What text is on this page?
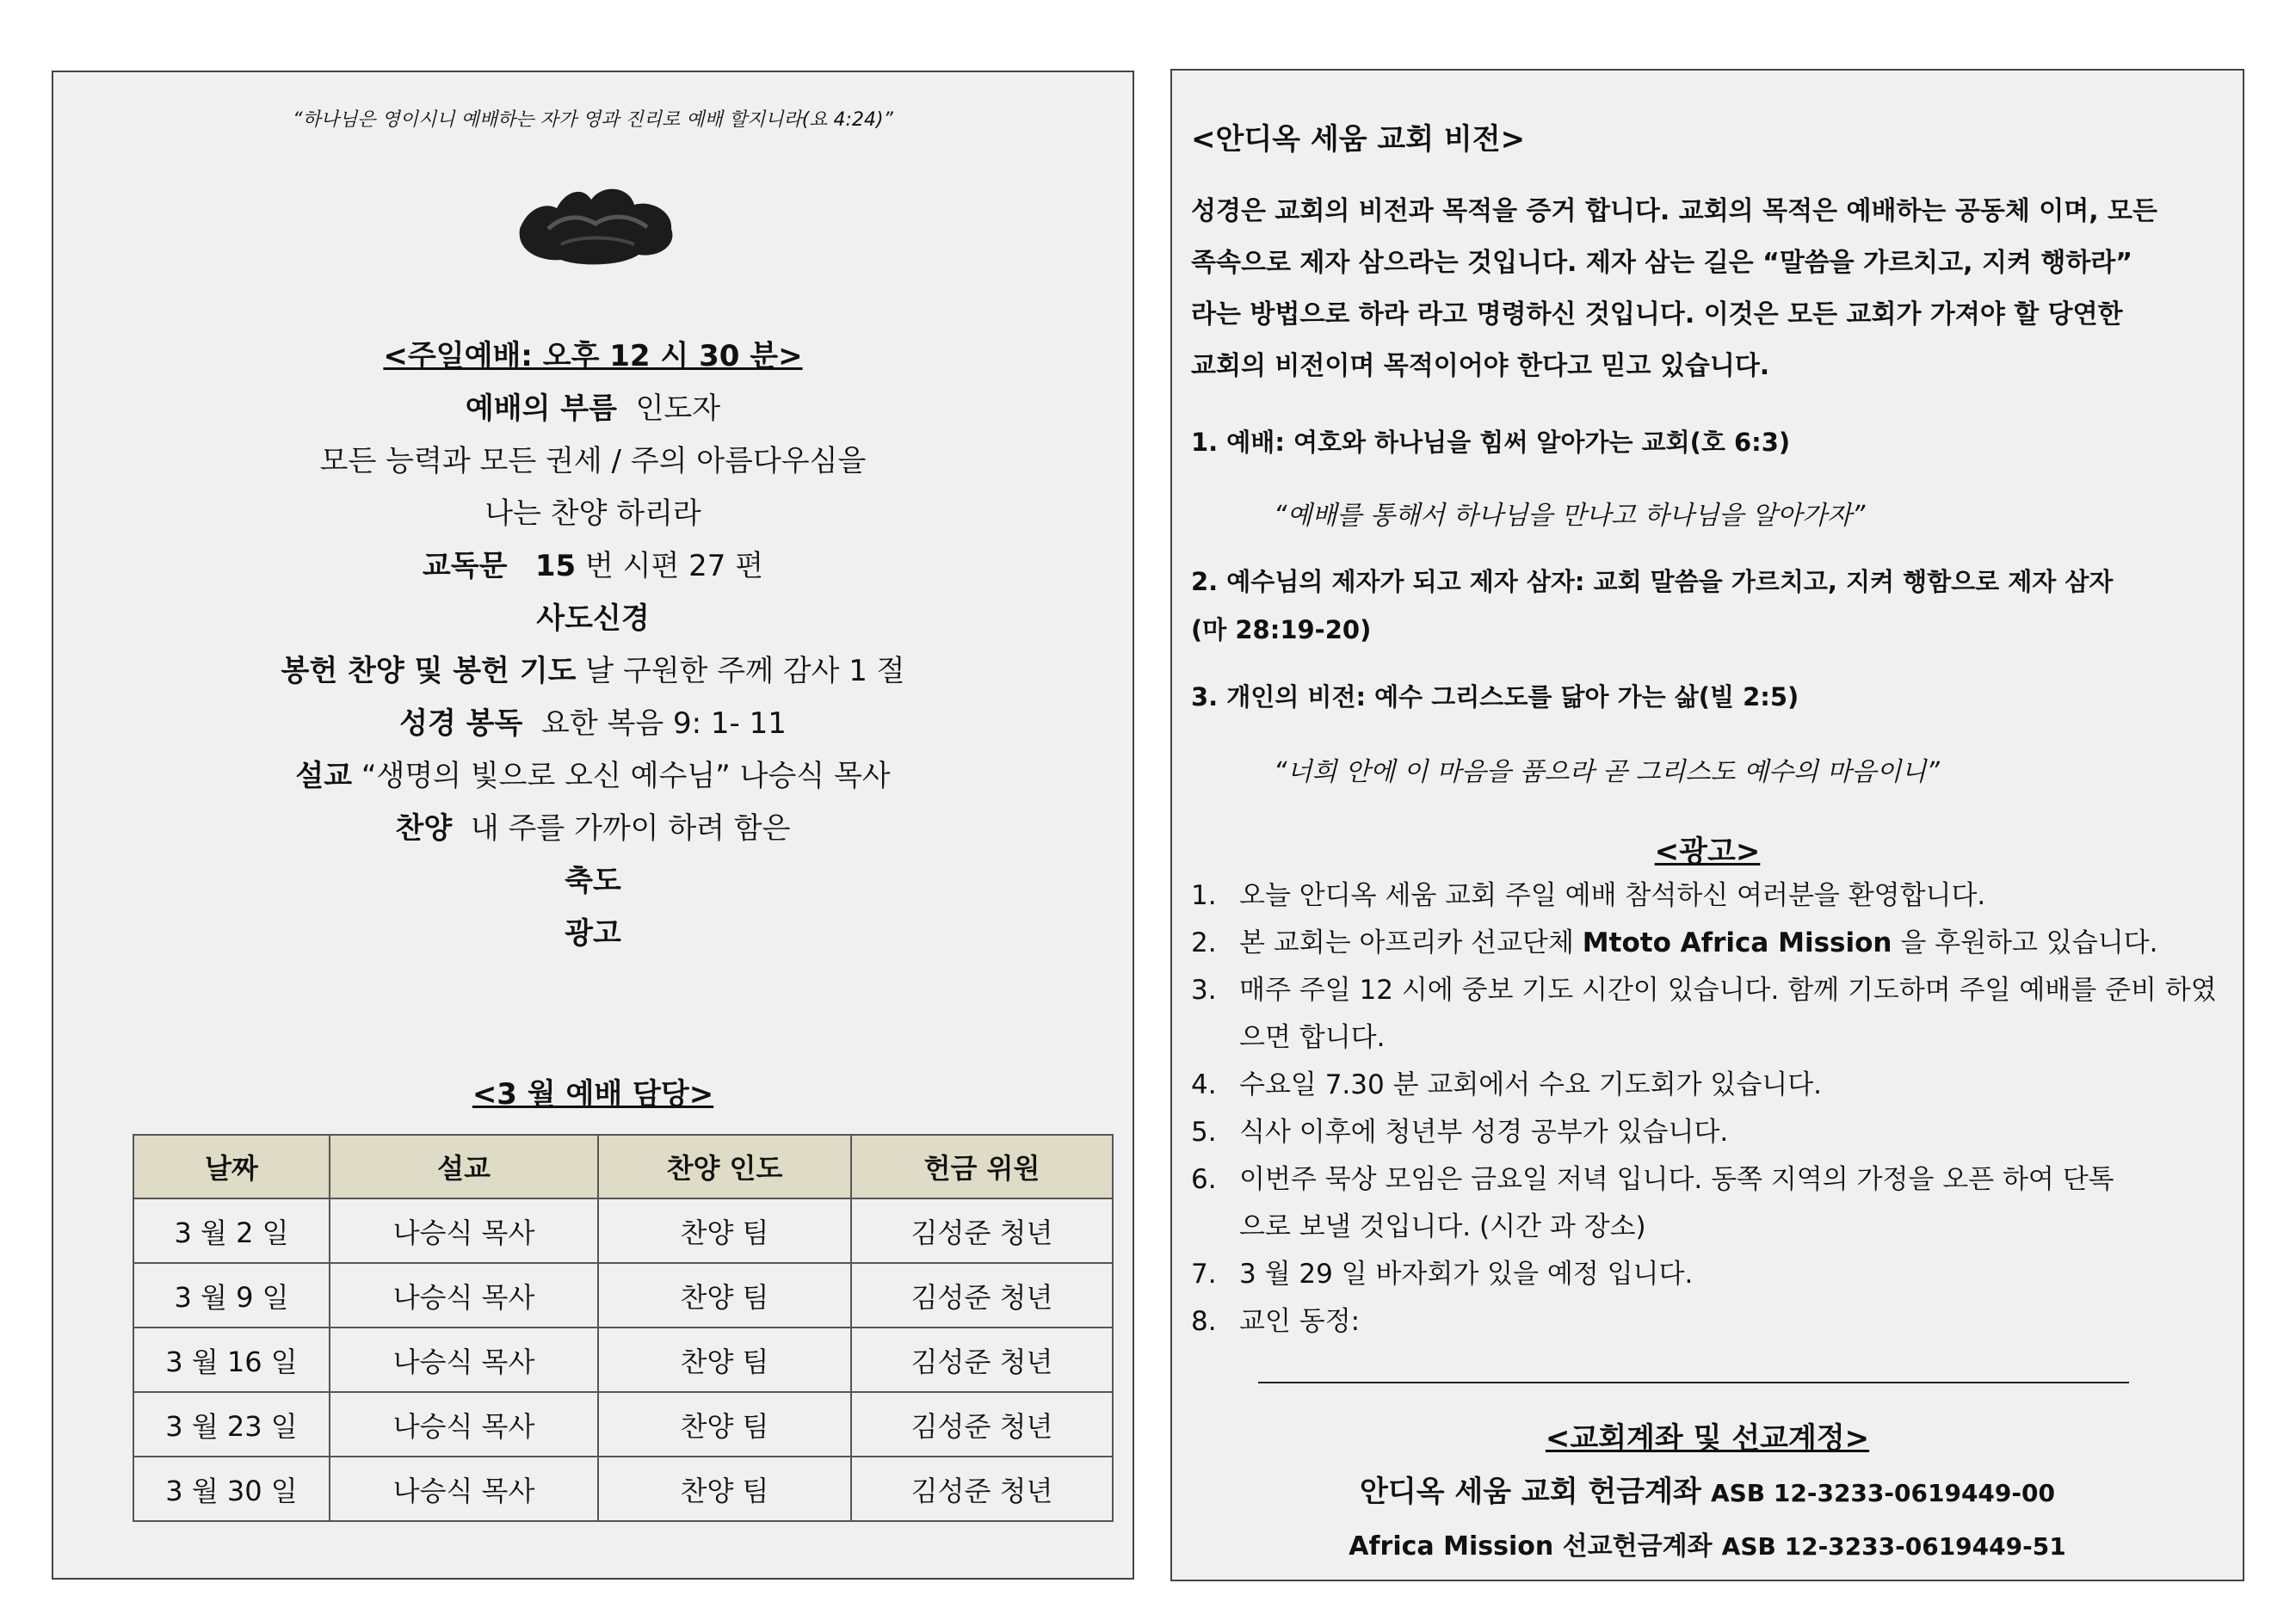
“하나님은 영이시니 예배하는 자가 영과 진리로 예배 할지니라(요 4:24)”
<주일예배: 오후 12 시 30 분>
예배의 부름 인도자
모든 능력과 모든 권세 / 주의 아름다우심을
나는 찬양 하리라
교독문 15 번 시편 27 편
사도신경
봉헌 찬양 및 봉헌 기도 날 구원한 주께 감사 1 절
성경 봉독 요한 복음 9: 1- 11
설교 “생명의 빛으로 오신 예수님” 나승식 목사
찬양 내 주를 가까이 하려 함은
축도
광고
<3 월 예배 담당>
날짜	설교	찬양 인도	헌금 위원
3 월 2 일	나승식 목사	찬양 팀	김성준 청년
3 월 9 일	나승식 목사	찬양 팀	김성준 청년
3 월 16 일	나승식 목사	찬양 팀	김성준 청년
3 월 23 일	나승식 목사	찬양 팀	김성준 청년
3 월 30 일	나승식 목사	찬양 팀	김성준 청년
<안디옥 세움 교회 비전>
성경은 교회의 비전과 목적을 증거 합니다. 교회의 목적은 예배하는 공동체 이며, 모든
족속으로 제자 삼으라는 것입니다. 제자 삼는 길은 “말씀을 가르치고, 지켜 행하라”
라는 방법으로 하라 라고 명령하신 것입니다. 이것은 모든 교회가 가져야 할 당연한
교회의 비전이며 목적이어야 한다고 믿고 있습니다.
1. 예배: 여호와 하나님을 힘써 알아가는 교회(호 6:3)
“예배를 통해서 하나님을 만나고 하나님을 알아가자”
2. 예수님의 제자가 되고 제자 삼자: 교회 말씀을 가르치고, 지켜 행함으로 제자 삼자
(마 28:19-20)
3. 개인의 비전: 예수 그리스도를 닮아 가는 삶(빌 2:5)
“너희 안에 이 마음을 품으라 곧 그리스도 예수의 마음이니”
<광고>
1. 오늘 안디옥 세움 교회 주일 예배 참석하신 여러분을 환영합니다.
2. 본 교회는 아프리카 선교단체 Mtoto Africa Mission 을 후원하고 있습니다.
3. 매주 주일 12 시에 중보 기도 시간이 있습니다. 함께 기도하며 주일 예배를 준비 하였으면 합니다.
4. 수요일 7.30 분 교회에서 수요 기도회가 있습니다.
5. 식사 이후에 청년부 성경 공부가 있습니다.
6. 이번주 묵상 모임은 금요일 저녁 입니다. 동쪽 지역의 가정을 오픈 하여 단톡으로 보낼 것입니다. (시간 과 장소)
7. 3 월 29 일 바자회가 있을 예정 입니다.
8. 교인 동정:
<교회계좌 및 선교계정>
안디옥 세움 교회 헌금계좌 ASB 12-3233-0619449-00
Africa Mission 선교헌금계좌 ASB 12-3233-0619449-51
